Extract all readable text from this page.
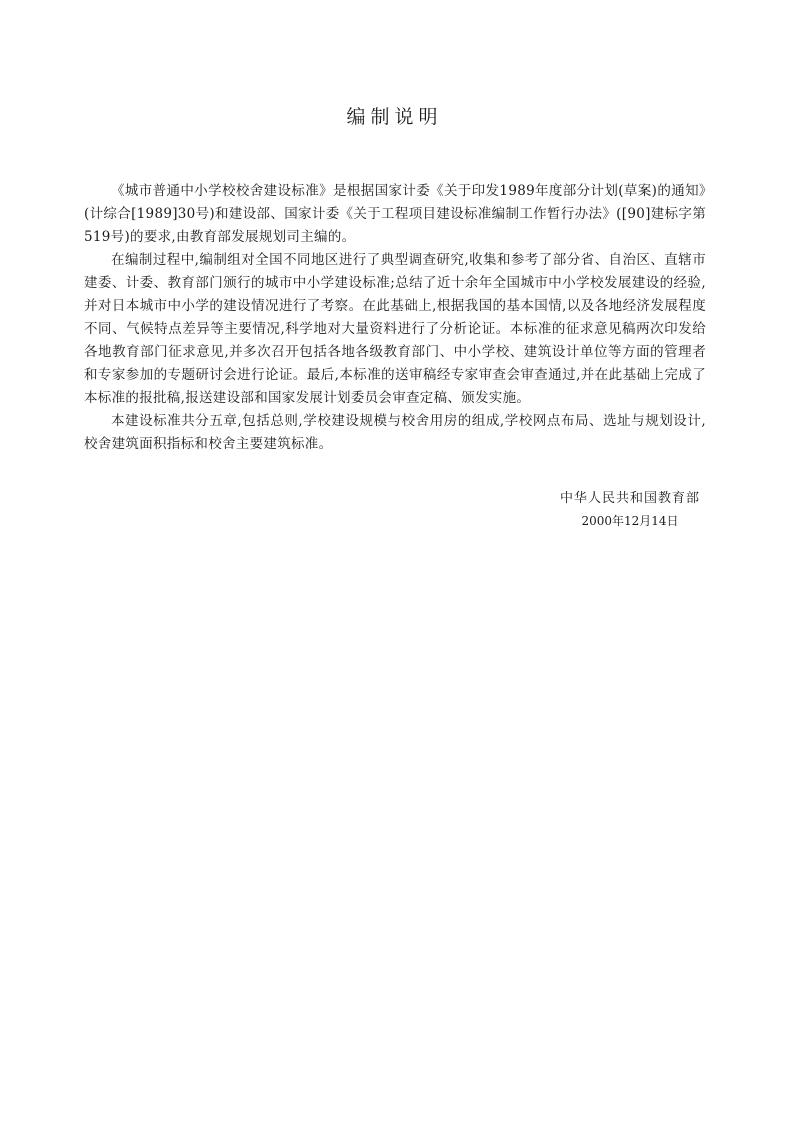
编制说明

《城市普通中小学校校舍建设标准》是根据国家计委《关于印发1989年度部分计划(草案)的通知》(计综合[1989]30号)和建设部、国家计委《关于工程项目建设标准编制工作暂行办法》([90]建标字第519号)的要求,由教育部发展规划司主编的。

在编制过程中,编制组对全国不同地区进行了典型调查研究,收集和参考了部分省、自治区、直辖市建委、计委、教育部门颁行的城市中小学建设标准;总结了近十余年全国城市中小学校发展建设的经验,并对日本城市中小学的建设情况进行了考察。在此基础上,根据我国的基本国情,以及各地经济发展程度不同、气候特点差异等主要情况,科学地对大量资料进行了分析论证。本标准的征求意见稿两次印发给各地教育部门征求意见,并多次召开包括各地各级教育部门、中小学校、建筑设计单位等方面的管理者和专家参加的专题研讨会进行论证。最后,本标准的送审稿经专家审查会审查通过,并在此基础上完成了本标准的报批稿,报送建设部和国家发展计划委员会审查定稿、颁发实施。

本建设标准共分五章,包括总则,学校建设规模与校舍用房的组成,学校网点布局、选址与规划设计,校舍建筑面积指标和校舍主要建筑标准。

中华人民共和国教育部

2000年12月14日
